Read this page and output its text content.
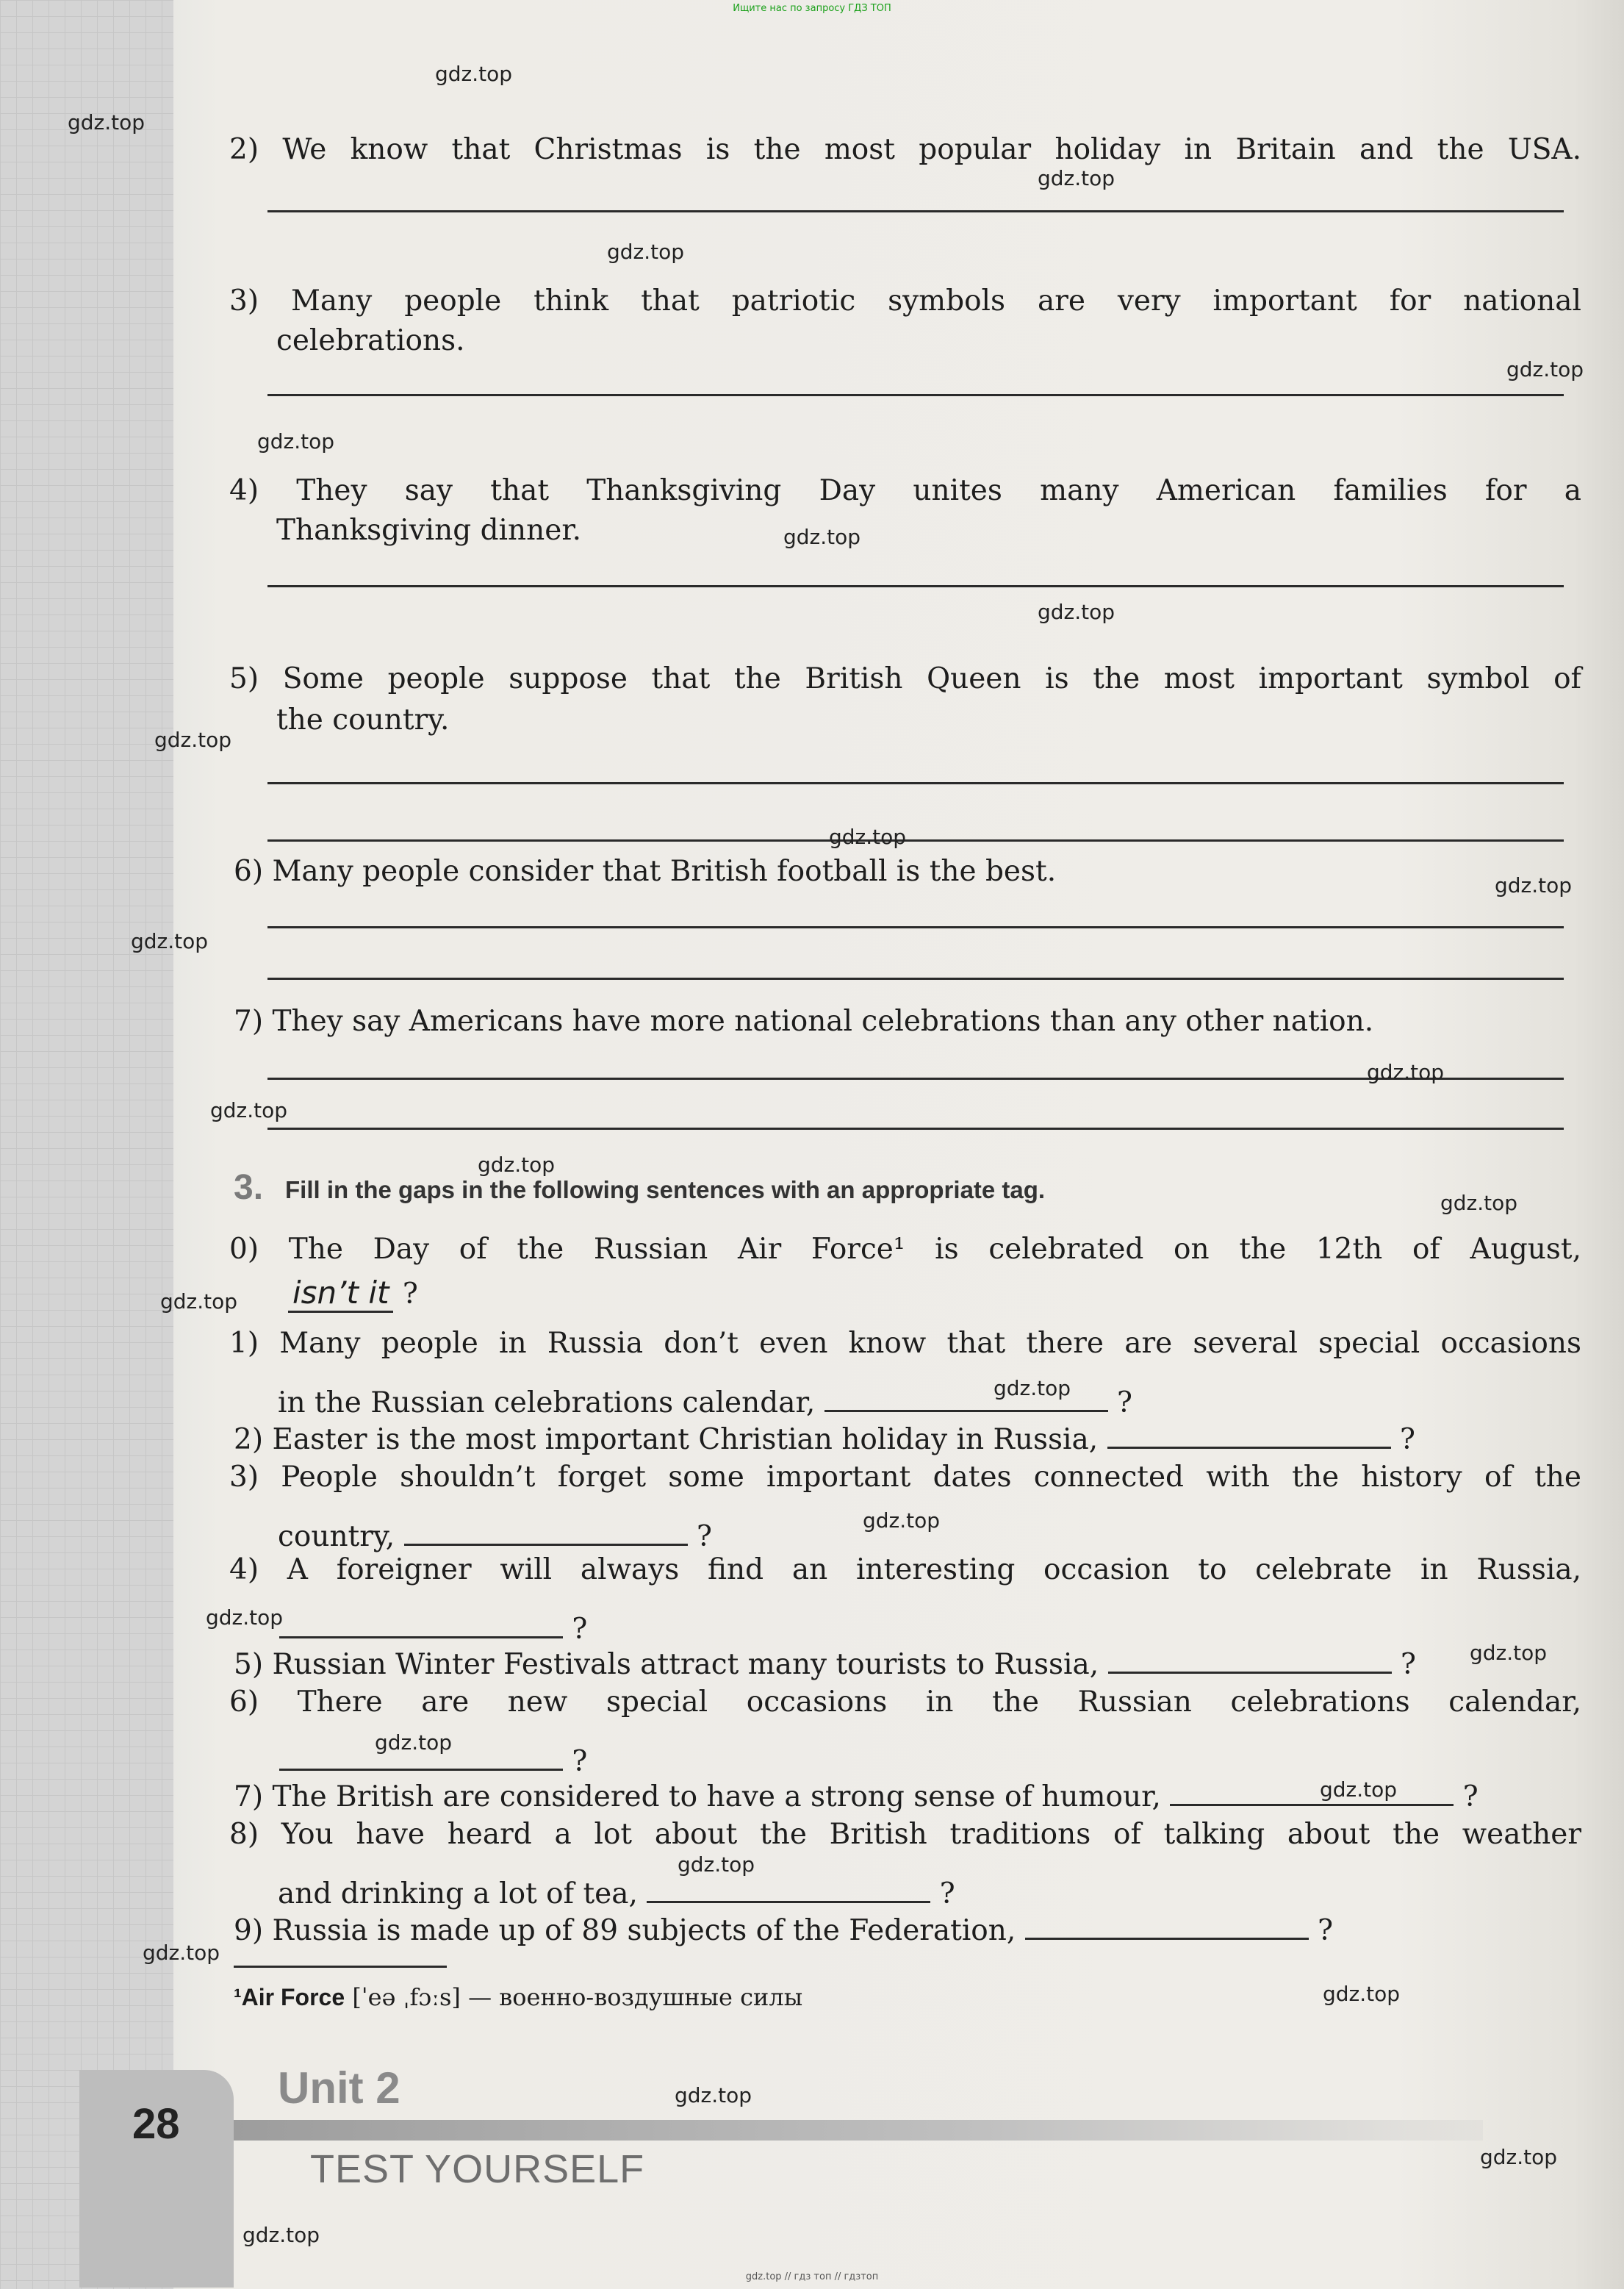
Ищите нас по запросу ГДЗ ТОП
2) We know that Christmas is the most popular holiday in Britain and the USA.
3) Many people think that patriotic symbols are very important for national
celebrations.
4) They say that Thanksgiving Day unites many American families for a
Thanksgiving dinner.
5) Some people suppose that the British Queen is the most important symbol of
the country.
6) Many people consider that British football is the best.
7) They say Americans have more national celebrations than any other nation.
3. Fill in the gaps in the following sentences with an appropriate tag.
0) The Day of the Russian Air Force¹ is celebrated on the 12th of August,
isn’t it ?
1) Many people in Russia don’t even know that there are several special occasions
in the Russian celebrations calendar,	?
2) Easter is the most important Christian holiday in Russia,	?
3) People shouldn’t forget some important dates connected with the history of the
country,	?
4) A foreigner will always find an interesting occasion to celebrate in Russia,
?
5) Russian Winter Festivals attract many tourists to Russia,	?
6) There are new special occasions in the Russian celebrations calendar,
?
7) The British are considered to have a strong sense of humour,	?
8) You have heard a lot about the British traditions of talking about the weather
and drinking a lot of tea,	?
9) Russia is made up of 89 subjects of the Federation,	?
¹Air Force [ˈeə ˌfɔːs] — военно-воздушные силы
28
Unit 2
TEST YOURSELF
gdz.top
gdz.top
gdz.top
gdz.top
gdz.top
gdz.top
gdz.top
gdz.top
gdz.top
gdz.top
gdz.top
gdz.top
gdz.top
gdz.top
gdz.top
gdz.top
gdz.top
gdz.top
gdz.top
gdz.top
gdz.top
gdz.top
gdz.top
gdz.top
gdz.top
gdz.top
gdz.top
gdz.top
gdz.top
gdz.top // гдз топ // гдзтоп
